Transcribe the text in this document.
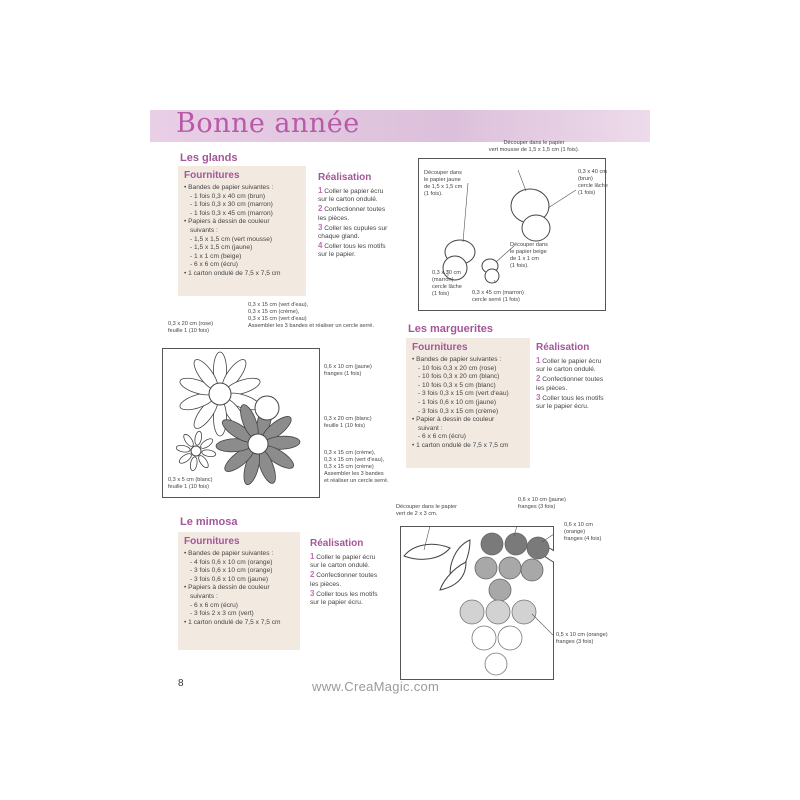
Bonne année
Les glands
Fournitures
• Bandes de papier suivantes :
- 1 fois 0,3 x 40 cm (brun)
- 1 fois 0,3 x 30 cm (marron)
- 1 fois 0,3 x 45 cm (marron)
• Papiers à dessin de couleur
suivants :
- 1,5 x 1,5 cm (vert mousse)
- 1,5 x 1,5 cm (jaune)
- 1 x 1 cm (beige)
- 6 x 6 cm (écru)
• 1 carton ondulé de 7,5 x 7,5 cm
Réalisation
1 Coller le papier écru sur le carton ondulé.
2 Confectionner toutes les pièces.
3 Coller les cupules sur chaque gland.
4 Coller tous les motifs sur le papier.
Découper dans le papier
vert mousse de 1,5 x 1,5 cm (1 fois).
Découper dans
le papier jaune
de 1,5 x 1,5 cm
(1 fois).
0,3 x 40 cm
(brun)
cercle lâche
(1 fois)
Découper dans
le papier beige
de 1 x 1 cm
(1 fois).
0,3 x 30 cm
(marron)
cercle lâche
(1 fois)	0,3 x 45 cm (marron)
cercle serré (1 fois)
0,3 x 15 cm (vert d'eau),
0,3 x 15 cm (crème),
0,3 x 15 cm (vert d'eau)
Assembler les 3 bandes et réaliser un cercle serré.
0,3 x 20 cm (rose)
feuille 1 (10 fois)
0,6 x 10 cm (jaune)
franges (1 fois)
0,3 x 20 cm (blanc)
feuille 1 (10 fois)
0,3 x 15 cm (crème),
0,3 x 15 cm (vert d'eau),
0,3 x 15 cm (crème)
Assembler les 3 bandes
et réaliser un cercle serré.
0,3 x 5 cm (blanc)
feuille 1 (10 fois)
Les marguerites
Fournitures
• Bandes de papier suivantes :
- 10 fois 0,3 x 20 cm (rose)
- 10 fois 0,3 x 20 cm (blanc)
- 10 fois 0,3 x 5 cm (blanc)
- 3 fois 0,3 x 15 cm (vert d'eau)
- 1 fois 0,6 x 10 cm (jaune)
- 3 fois 0,3 x 15 cm (crème)
• Papier à dessin de couleur
suivant :
- 6 x 6 cm (écru)
• 1 carton ondulé de 7,5 x 7,5 cm
Réalisation
1 Coller le papier écru sur le carton ondulé.
2 Confectionner toutes les pièces.
3 Coller tous les motifs sur le papier écru.
Le mimosa
Fournitures
• Bandes de papier suivantes :
- 4 fois 0,6 x 10 cm (orange)
- 3 fois 0,6 x 10 cm (orange)
- 3 fois 0,6 x 10 cm (jaune)
• Papiers à dessin de couleur
suivants :
- 6 x 6 cm (écru)
- 3 fois 2 x 3 cm (vert)
• 1 carton ondulé de 7,5 x 7,5 cm
Réalisation
1 Coller le papier écru sur le carton ondulé.
2 Confectionner toutes les pièces.
3 Coller tous les motifs sur le papier écru.
Découper dans le papier
vert de 2 x 3 cm.
0,6 x 10 cm (jaune)
franges (3 fois)
0,6 x 10 cm
(orange)
franges (4 fois)
0,5 x 10 cm (orange)
franges (3 fois)
8	www.CreaMagic.com
